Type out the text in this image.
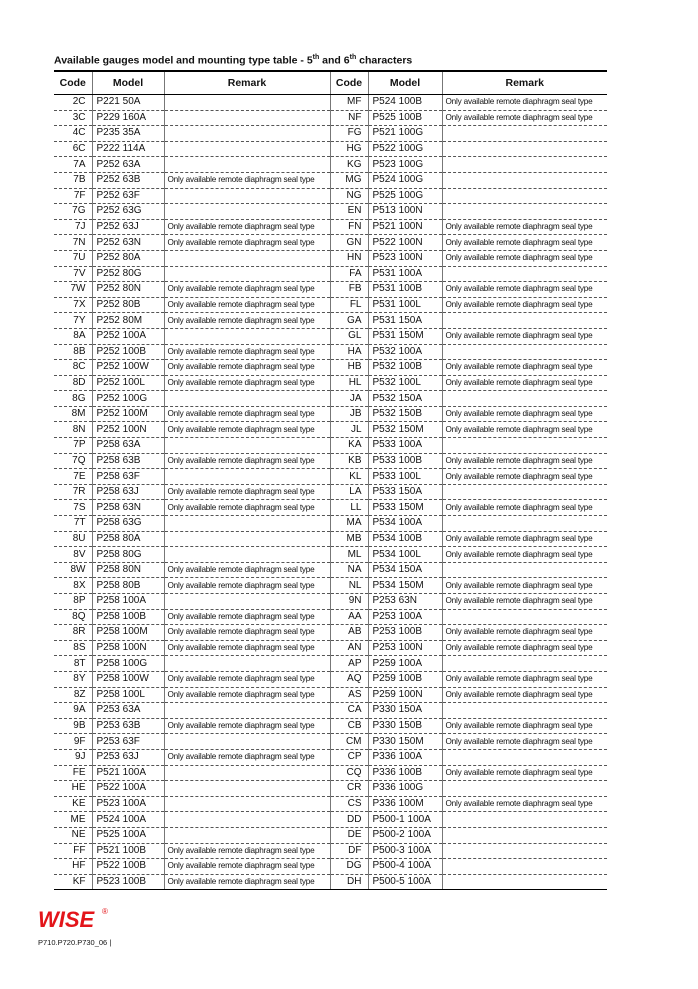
Available gauges model and mounting type table - 5th and 6th characters
Code	Model	Remark	Code	Model	Remark
2C	P221 50A		MF	P524 100B	Only available remote diaphragm seal type
3C	P229 160A		NF	P525 100B	Only available remote diaphragm seal type
4C	P235 35A		FG	P521 100G	
6C	P222 114A		HG	P522 100G	
7A	P252 63A		KG	P523 100G	
7B	P252 63B	Only available remote diaphragm seal type	MG	P524 100G	
7F	P252 63F		NG	P525 100G	
7G	P252 63G		EN	P513 100N	
7J	P252 63J	Only available remote diaphragm seal type	FN	P521 100N	Only available remote diaphragm seal type
7N	P252 63N	Only available remote diaphragm seal type	GN	P522 100N	Only available remote diaphragm seal type
7U	P252 80A		HN	P523 100N	Only available remote diaphragm seal type
7V	P252 80G		FA	P531 100A	
7W	P252 80N	Only available remote diaphragm seal type	FB	P531 100B	Only available remote diaphragm seal type
7X	P252 80B	Only available remote diaphragm seal type	FL	P531 100L	Only available remote diaphragm seal type
7Y	P252 80M	Only available remote diaphragm seal type	GA	P531 150A	
8A	P252 100A		GL	P531 150M	Only available remote diaphragm seal type
8B	P252 100B	Only available remote diaphragm seal type	HA	P532 100A	
8C	P252 100W	Only available remote diaphragm seal type	HB	P532 100B	Only available remote diaphragm seal type
8D	P252 100L	Only available remote diaphragm seal type	HL	P532 100L	Only available remote diaphragm seal type
8G	P252 100G		JA	P532 150A	
8M	P252 100M	Only available remote diaphragm seal type	JB	P532 150B	Only available remote diaphragm seal type
8N	P252 100N	Only available remote diaphragm seal type	JL	P532 150M	Only available remote diaphragm seal type
7P	P258 63A		KA	P533 100A	
7Q	P258 63B	Only available remote diaphragm seal type	KB	P533 100B	Only available remote diaphragm seal type
7E	P258 63F		KL	P533 100L	Only available remote diaphragm seal type
7R	P258 63J	Only available remote diaphragm seal type	LA	P533 150A	
7S	P258 63N	Only available remote diaphragm seal type	LL	P533 150M	Only available remote diaphragm seal type
7T	P258 63G		MA	P534 100A	
8U	P258 80A		MB	P534 100B	Only available remote diaphragm seal type
8V	P258 80G		ML	P534 100L	Only available remote diaphragm seal type
8W	P258 80N	Only available remote diaphragm seal type	NA	P534 150A	
8X	P258 80B	Only available remote diaphragm seal type	NL	P534 150M	Only available remote diaphragm seal type
8P	P258 100A		9N	P253 63N	Only available remote diaphragm seal type
8Q	P258 100B	Only available remote diaphragm seal type	AA	P253 100A	
8R	P258 100M	Only available remote diaphragm seal type	AB	P253 100B	Only available remote diaphragm seal type
8S	P258 100N	Only available remote diaphragm seal type	AN	P253 100N	Only available remote diaphragm seal type
8T	P258 100G		AP	P259 100A	
8Y	P258 100W	Only available remote diaphragm seal type	AQ	P259 100B	Only available remote diaphragm seal type
8Z	P258 100L	Only available remote diaphragm seal type	AS	P259 100N	Only available remote diaphragm seal type
9A	P253 63A		CA	P330 150A	
9B	P253 63B	Only available remote diaphragm seal type	CB	P330 150B	Only available remote diaphragm seal type
9F	P253 63F		CM	P330 150M	Only available remote diaphragm seal type
9J	P253 63J	Only available remote diaphragm seal type	CP	P336 100A	
FE	P521 100A		CQ	P336 100B	Only available remote diaphragm seal type
HE	P522 100A		CR	P336 100G	
KE	P523 100A		CS	P336 100M	Only available remote diaphragm seal type
ME	P524 100A		DD	P500-1 100A	
NE	P525 100A		DE	P500-2 100A	
FF	P521 100B	Only available remote diaphragm seal type	DF	P500-3 100A	
HF	P522 100B	Only available remote diaphragm seal type	DG	P500-4 100A	
KF	P523 100B	Only available remote diaphragm seal type	DH	P500-5 100A	
WISE ®
P710.P720.P730_06 |
